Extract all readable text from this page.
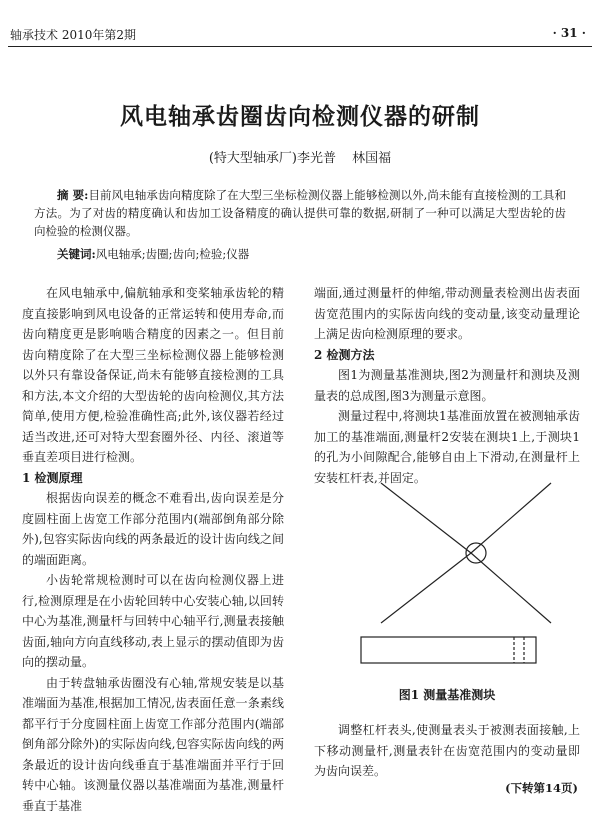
轴承技术 2010年第2期	· 31 ·
风电轴承齿圈齿向检测仪器的研制
(特大型轴承厂)李光普 林国福
摘 要:目前风电轴承齿向精度除了在大型三坐标检测仪器上能够检测以外,尚未能有直接检测的工具和方法。为了对齿的精度确认和齿加工设备精度的确认提供可靠的数据,研制了一种可以满足大型齿轮的齿向检验的检测仪器。
关键词:风电轴承;齿圈;齿向;检验;仪器

在风电轴承中,偏航轴承和变桨轴承齿轮的精度直接影响到风电设备的正常运转和使用寿命,而齿向精度更是影响啮合精度的因素之一。但目前齿向精度除了在大型三坐标检测仪器上能够检测以外只有靠设备保证,尚未有能够直接检测的工具和方法,本文介绍的大型齿轮的齿向检测仪,其方法简单,使用方便,检验准确性高;此外,该仪器若经过适当改进,还可对特大型套圈外径、内径、滚道等垂直差项目进行检测。

1 检测原理

根据齿向误差的概念不难看出,齿向误差是分度圆柱面上齿宽工作部分范围内(端部倒角部分除外),包容实际齿向线的两条最近的设计齿向线之间的端面距离。

小齿轮常规检测时可以在齿向检测仪器上进行,检测原理是在小齿轮回转中心安装心轴,以回转中心为基准,测量杆与回转中心轴平行,测量表接触齿面,轴向方向直线移动,表上显示的摆动值即为齿向的摆动量。

由于转盘轴承齿圈没有心轴,常规安装是以基准端面为基准,根据加工情况,齿表面任意一条素线都平行于分度圆柱面上齿宽工作部分范围内(端部倒角部分除外)的实际齿向线,包容实际齿向线的两条最近的设计齿向线垂直于基准端面并平行于回转中心轴。该测量仪器以基准端面为基准,测量杆垂直于基准

端面,通过测量杆的伸缩,带动测量表检测出齿表面齿宽范围内的实际齿向线的变动量,该变动量理论上满足齿向检测原理的要求。

2 检测方法

图1为测量基准测块,图2为测量杆和测块及测量表的总成图,图3为测量示意图。

测量过程中,将测块1基准面放置在被测轴承齿加工的基准端面,测量杆2安装在测块1上,于测块1的孔为小间隙配合,能够自由上下滑动,在测量杆上安装杠杆表,并固定。

图1 测量基准测块

调整杠杆表头,使测量表头于被测表面接触,上下移动测量杆,测量表针在齿宽范围内的变动量即为齿向误差。

(下转第14页)
